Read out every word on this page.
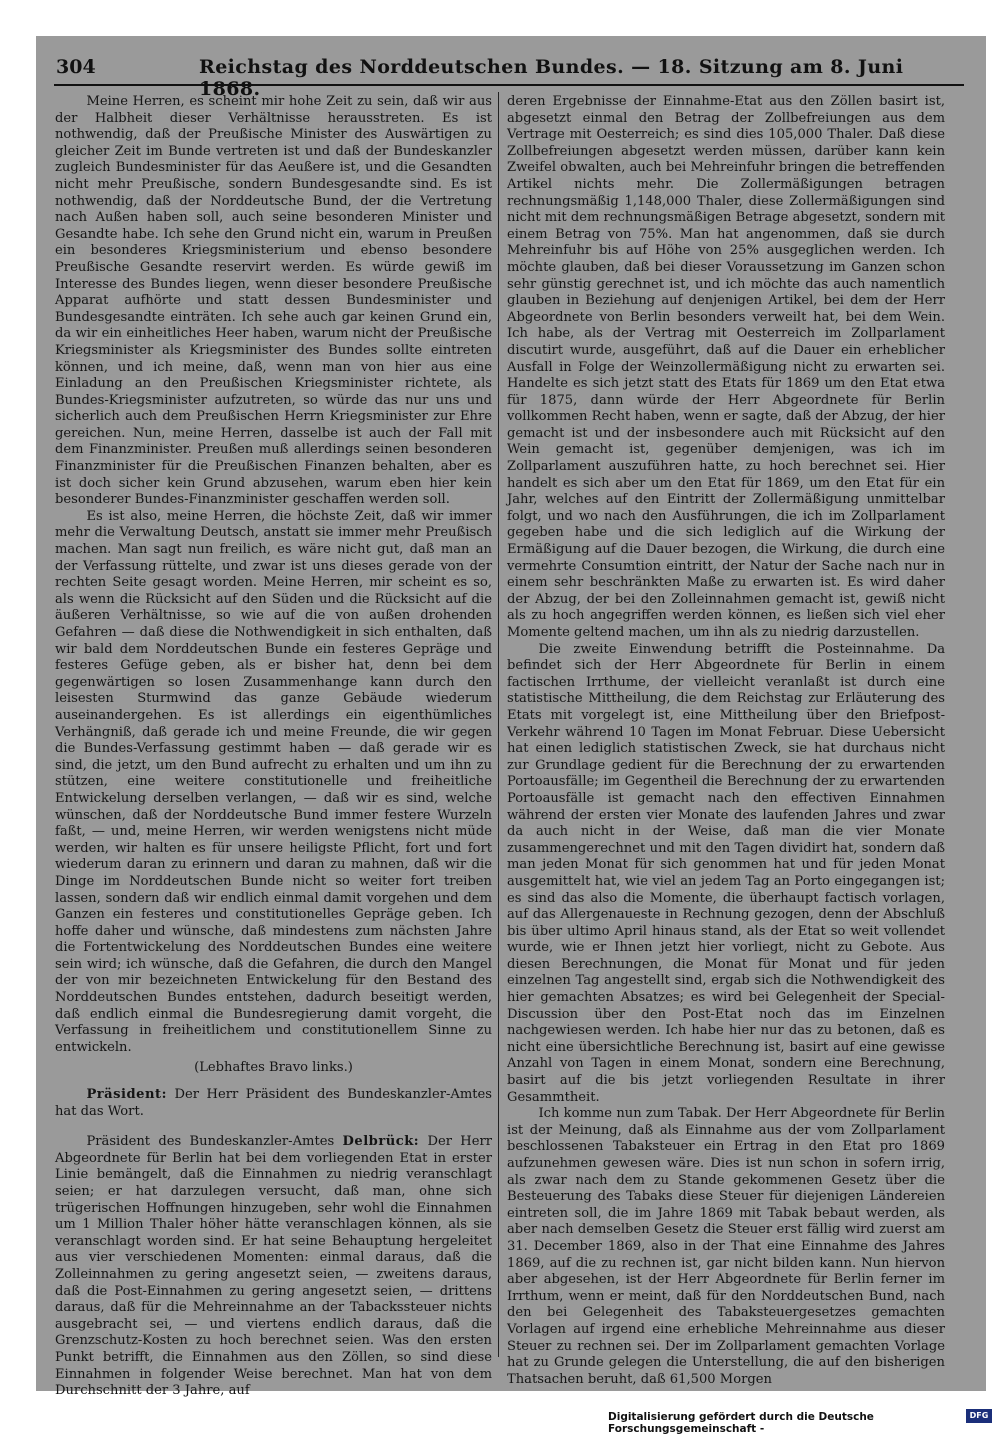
304	Reichstag des Norddeutschen Bundes. — 18. Sitzung am 8. Juni 1868.

Meine Herren, es scheint mir hohe Zeit zu sein, daß wir aus der Halbheit dieser Verhältnisse herausstreten. Es ist nothwendig, daß der Preußische Minister des Auswärtigen zu gleicher Zeit im Bunde vertreten ist und daß der Bundeskanzler zugleich Bundesminister für das Aeußere ist, und die Gesandten nicht mehr Preußische, sondern Bundesgesandte sind. Es ist nothwendig, daß der Norddeutsche Bund, der die Vertretung nach Außen haben soll, auch seine besonderen Minister und Gesandte habe. Ich sehe den Grund nicht ein, warum in Preußen ein besonderes Kriegsministerium und ebenso besondere Preußische Gesandte reservirt werden. Es würde gewiß im Interesse des Bundes liegen, wenn dieser besondere Preußische Apparat aufhörte und statt dessen Bundesminister und Bundesgesandte einträten. Ich sehe auch gar keinen Grund ein, da wir ein einheitliches Heer haben, warum nicht der Preußische Kriegsminister als Kriegsminister des Bundes sollte eintreten können, und ich meine, daß, wenn man von hier aus eine Einladung an den Preußischen Kriegsminister richtete, als Bundes-Kriegsminister aufzutreten, so würde das nur uns und sicherlich auch dem Preußischen Herrn Kriegsminister zur Ehre gereichen. Nun, meine Herren, dasselbe ist auch der Fall mit dem Finanzminister. Preußen muß allerdings seinen besonderen Finanzminister für die Preußischen Finanzen behalten, aber es ist doch sicher kein Grund abzusehen, warum eben hier kein besonderer Bundes-Finanzminister geschaffen werden soll.

Es ist also, meine Herren, die höchste Zeit, daß wir immer mehr die Verwaltung Deutsch, anstatt sie immer mehr Preußisch machen. Man sagt nun freilich, es wäre nicht gut, daß man an der Verfassung rüttelte, und zwar ist uns dieses gerade von der rechten Seite gesagt worden. Meine Herren, mir scheint es so, als wenn die Rücksicht auf den Süden und die Rücksicht auf die äußeren Verhältnisse, so wie auf die von außen drohenden Gefahren — daß diese die Nothwendigkeit in sich enthalten, daß wir bald dem Norddeutschen Bunde ein festeres Gepräge und festeres Gefüge geben, als er bisher hat, denn bei dem gegenwärtigen so losen Zusammenhange kann durch den leisesten Sturmwind das ganze Gebäude wiederum auseinandergehen. Es ist allerdings ein eigenthümliches Verhängniß, daß gerade ich und meine Freunde, die wir gegen die Bundes-Verfassung gestimmt haben — daß gerade wir es sind, die jetzt, um den Bund aufrecht zu erhalten und um ihn zu stützen, eine weitere constitutionelle und freiheitliche Entwickelung derselben verlangen, — daß wir es sind, welche wünschen, daß der Norddeutsche Bund immer festere Wurzeln faßt, — und, meine Herren, wir werden wenigstens nicht müde werden, wir halten es für unsere heiligste Pflicht, fort und fort wiederum daran zu erinnern und daran zu mahnen, daß wir die Dinge im Norddeutschen Bunde nicht so weiter fort treiben lassen, sondern daß wir endlich einmal damit vorgehen und dem Ganzen ein festeres und constitutionelles Gepräge geben. Ich hoffe daher und wünsche, daß mindestens zum nächsten Jahre die Fortentwickelung des Norddeutschen Bundes eine weitere sein wird; ich wünsche, daß die Gefahren, die durch den Mangel der von mir bezeichneten Entwickelung für den Bestand des Norddeutschen Bundes entstehen, dadurch beseitigt werden, daß endlich einmal die Bundesregierung damit vorgeht, die Verfassung in freiheitlichem und constitutionellem Sinne zu entwickeln.

(Lebhaftes Bravo links.)

Präsident: Der Herr Präsident des Bundeskanzler-Amtes hat das Wort.

Präsident des Bundeskanzler-Amtes Delbrück: Der Herr Abgeordnete für Berlin hat bei dem vorliegenden Etat in erster Linie bemängelt, daß die Einnahmen zu niedrig veranschlagt seien; er hat darzulegen versucht, daß man, ohne sich trügerischen Hoffnungen hinzugeben, sehr wohl die Einnahmen um 1 Million Thaler höher hätte veranschlagen können, als sie veranschlagt worden sind. Er hat seine Behauptung hergeleitet aus vier verschiedenen Momenten: einmal daraus, daß die Zolleinnahmen zu gering angesetzt seien, — zweitens daraus, daß die Post-Einnahmen zu gering angesetzt seien, — drittens daraus, daß für die Mehreinnahme an der Tabackssteuer nichts ausgebracht sei, — und viertens endlich daraus, daß die Grenzschutz-Kosten zu hoch berechnet seien. Was den ersten Punkt betrifft, die Einnahmen aus den Zöllen, so sind diese Einnahmen in folgender Weise berechnet. Man hat von dem Durchschnitt der 3 Jahre, auf

deren Ergebnisse der Einnahme-Etat aus den Zöllen basirt ist, abgesetzt einmal den Betrag der Zollbefreiungen aus dem Vertrage mit Oesterreich; es sind dies 105,000 Thaler. Daß diese Zollbefreiungen abgesetzt werden müssen, darüber kann kein Zweifel obwalten, auch bei Mehreinfuhr bringen die betreffenden Artikel nichts mehr. Die Zollermäßigungen betragen rechnungsmäßig 1,148,000 Thaler, diese Zollermäßigungen sind nicht mit dem rechnungsmäßigen Betrage abgesetzt, sondern mit einem Betrag von 75%. Man hat angenommen, daß sie durch Mehreinfuhr bis auf Höhe von 25% ausgeglichen werden. Ich möchte glauben, daß bei dieser Voraussetzung im Ganzen schon sehr günstig gerechnet ist, und ich möchte das auch namentlich glauben in Beziehung auf denjenigen Artikel, bei dem der Herr Abgeordnete von Berlin besonders verweilt hat, bei dem Wein. Ich habe, als der Vertrag mit Oesterreich im Zollparlament discutirt wurde, ausgeführt, daß auf die Dauer ein erheblicher Ausfall in Folge der Weinzollermäßigung nicht zu erwarten sei. Handelte es sich jetzt statt des Etats für 1869 um den Etat etwa für 1875, dann würde der Herr Abgeordnete für Berlin vollkommen Recht haben, wenn er sagte, daß der Abzug, der hier gemacht ist und der insbesondere auch mit Rücksicht auf den Wein gemacht ist, gegenüber demjenigen, was ich im Zollparlament auszuführen hatte, zu hoch berechnet sei. Hier handelt es sich aber um den Etat für 1869, um den Etat für ein Jahr, welches auf den Eintritt der Zollermäßigung unmittelbar folgt, und wo nach den Ausführungen, die ich im Zollparlament gegeben habe und die sich lediglich auf die Wirkung der Ermäßigung auf die Dauer bezogen, die Wirkung, die durch eine vermehrte Consumtion eintritt, der Natur der Sache nach nur in einem sehr beschränkten Maße zu erwarten ist. Es wird daher der Abzug, der bei den Zolleinnahmen gemacht ist, gewiß nicht als zu hoch angegriffen werden können, es ließen sich viel eher Momente geltend machen, um ihn als zu niedrig darzustellen.

Die zweite Einwendung betrifft die Posteinnahme. Da befindet sich der Herr Abgeordnete für Berlin in einem factischen Irrthume, der vielleicht veranlaßt ist durch eine statistische Mittheilung, die dem Reichstag zur Erläuterung des Etats mit vorgelegt ist, eine Mittheilung über den Briefpost-Verkehr während 10 Tagen im Monat Februar. Diese Uebersicht hat einen lediglich statistischen Zweck, sie hat durchaus nicht zur Grundlage gedient für die Berechnung der zu erwartenden Portoausfälle; im Gegentheil die Berechnung der zu erwartenden Portoausfälle ist gemacht nach den effectiven Einnahmen während der ersten vier Monate des laufenden Jahres und zwar da auch nicht in der Weise, daß man die vier Monate zusammengerechnet und mit den Tagen dividirt hat, sondern daß man jeden Monat für sich genommen hat und für jeden Monat ausgemittelt hat, wie viel an jedem Tag an Porto eingegangen ist; es sind das also die Momente, die überhaupt factisch vorlagen, auf das Allergenaueste in Rechnung gezogen, denn der Abschluß bis über ultimo April hinaus stand, als der Etat so weit vollendet wurde, wie er Ihnen jetzt hier vorliegt, nicht zu Gebote. Aus diesen Berechnungen, die Monat für Monat und für jeden einzelnen Tag angestellt sind, ergab sich die Nothwendigkeit des hier gemachten Absatzes; es wird bei Gelegenheit der Special-Discussion über den Post-Etat noch das im Einzelnen nachgewiesen werden. Ich habe hier nur das zu betonen, daß es nicht eine übersichtliche Berechnung ist, basirt auf eine gewisse Anzahl von Tagen in einem Monat, sondern eine Berechnung, basirt auf die bis jetzt vorliegenden Resultate in ihrer Gesammtheit.

Ich komme nun zum Tabak. Der Herr Abgeordnete für Berlin ist der Meinung, daß als Einnahme aus der vom Zollparlament beschlossenen Tabaksteuer ein Ertrag in den Etat pro 1869 aufzunehmen gewesen wäre. Dies ist nun schon in sofern irrig, als zwar nach dem zu Stande gekommenen Gesetz über die Besteuerung des Tabaks diese Steuer für diejenigen Ländereien eintreten soll, die im Jahre 1869 mit Tabak bebaut werden, als aber nach demselben Gesetz die Steuer erst fällig wird zuerst am 31. December 1869, also in der That eine Einnahme des Jahres 1869, auf die zu rechnen ist, gar nicht bilden kann. Nun hiervon aber abgesehen, ist der Herr Abgeordnete für Berlin ferner im Irrthum, wenn er meint, daß für den Norddeutschen Bund, nach den bei Gelegenheit des Tabaksteuergesetzes gemachten Vorlagen auf irgend eine erhebliche Mehreinnahme aus dieser Steuer zu rechnen sei. Der im Zollparlament gemachten Vorlage hat zu Grunde gelegen die Unterstellung, die auf den bisherigen Thatsachen beruht, daß 61,500 Morgen

Digitalisierung gefördert durch die Deutsche Forschungsgemeinschaft -
DFG
